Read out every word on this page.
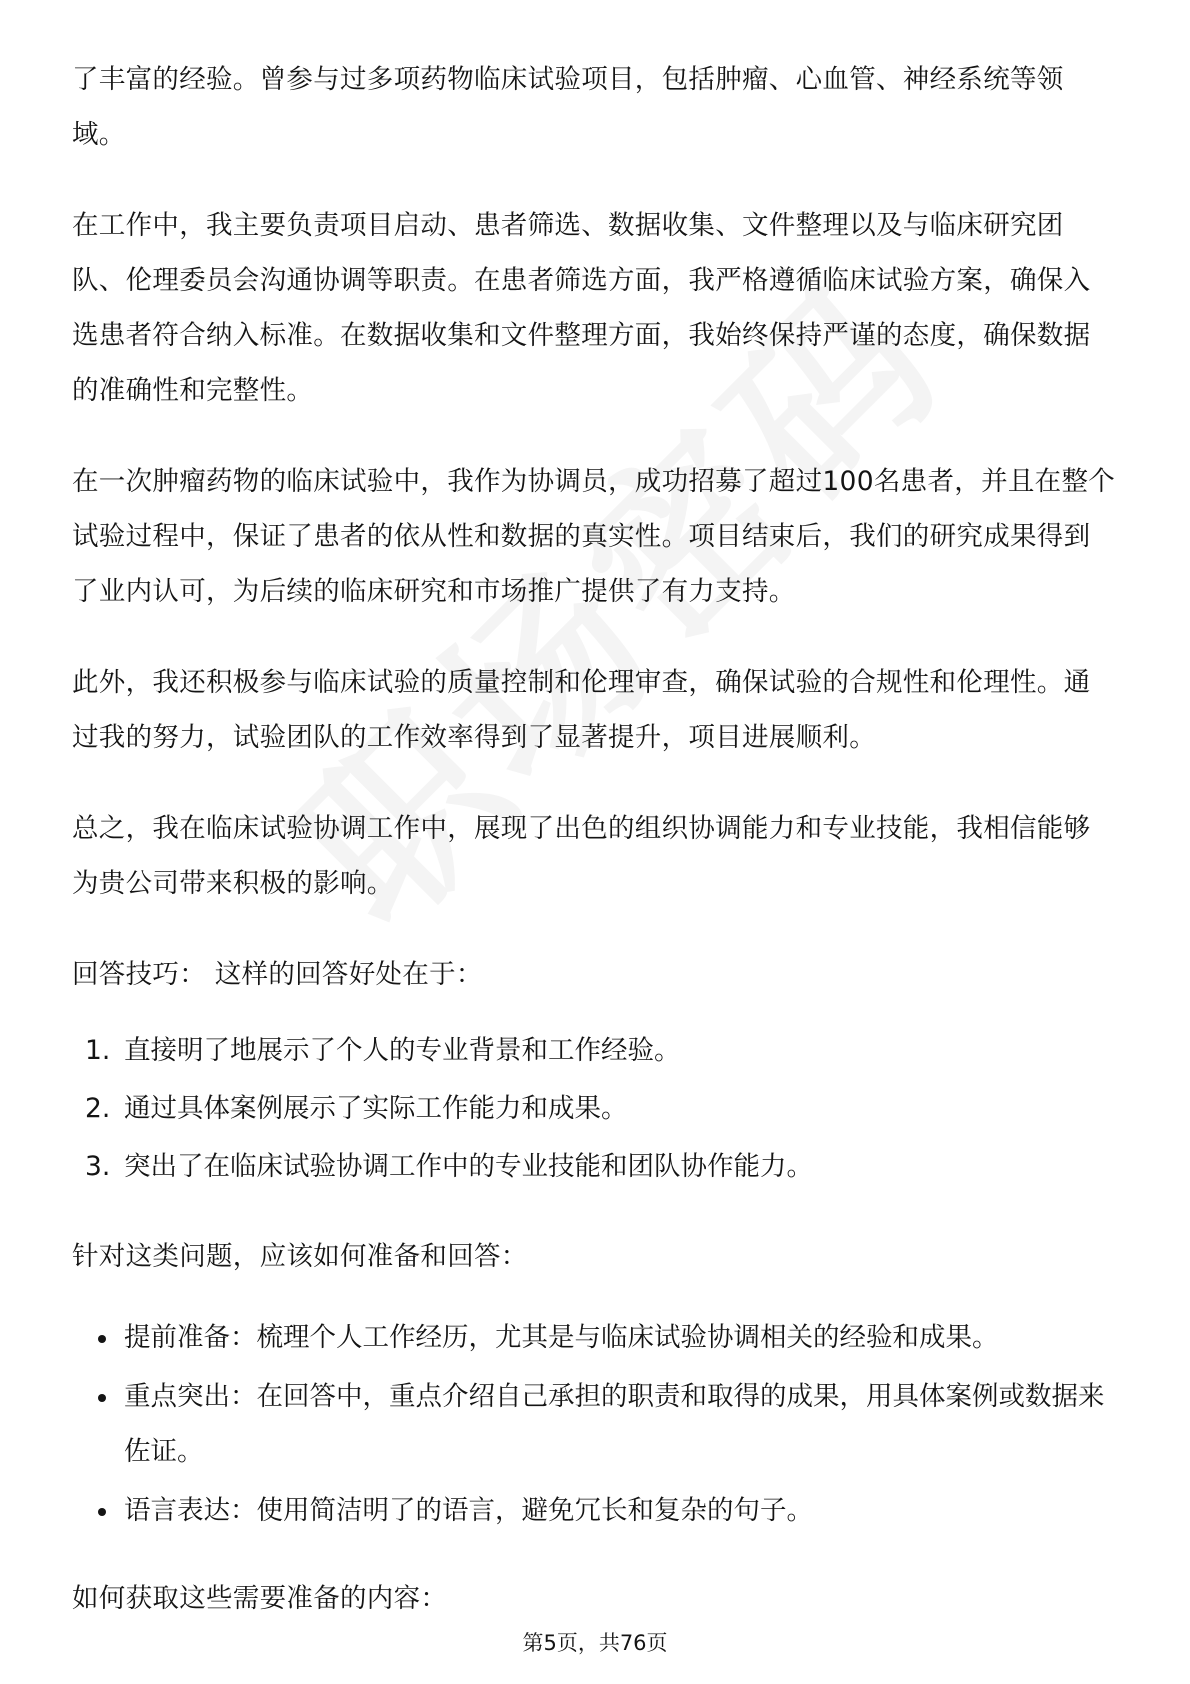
了丰富的经验。曾参与过多项药物临床试验项目，包括肿瘤、心血管、神经系统等领域。

在工作中，我主要负责项目启动、患者筛选、数据收集、文件整理以及与临床研究团队、伦理委员会沟通协调等职责。在患者筛选方面，我严格遵循临床试验方案，确保入选患者符合纳入标准。在数据收集和文件整理方面，我始终保持严谨的态度，确保数据的准确性和完整性。

在一次肿瘤药物的临床试验中，我作为协调员，成功招募了超过100名患者，并且在整个试验过程中，保证了患者的依从性和数据的真实性。项目结束后，我们的研究成果得到了业内认可，为后续的临床研究和市场推广提供了有力支持。

此外，我还积极参与临床试验的质量控制和伦理审查，确保试验的合规性和伦理性。通过我的努力，试验团队的工作效率得到了显著提升，项目进展顺利。

总之，我在临床试验协调工作中，展现了出色的组织协调能力和专业技能，我相信能够为贵公司带来积极的影响。

回答技巧： 这样的回答好处在于：

1. 直接明了地展示了个人的专业背景和工作经验。
2. 通过具体案例展示了实际工作能力和成果。
3. 突出了在临床试验协调工作中的专业技能和团队协作能力。

针对这类问题，应该如何准备和回答：

提前准备：梳理个人工作经历，尤其是与临床试验协调相关的经验和成果。
重点突出：在回答中，重点介绍自己承担的职责和取得的成果，用具体案例或数据来佐证。
语言表达：使用简洁明了的语言，避免冗长和复杂的句子。

如何获取这些需要准备的内容：

第5页，共76页
